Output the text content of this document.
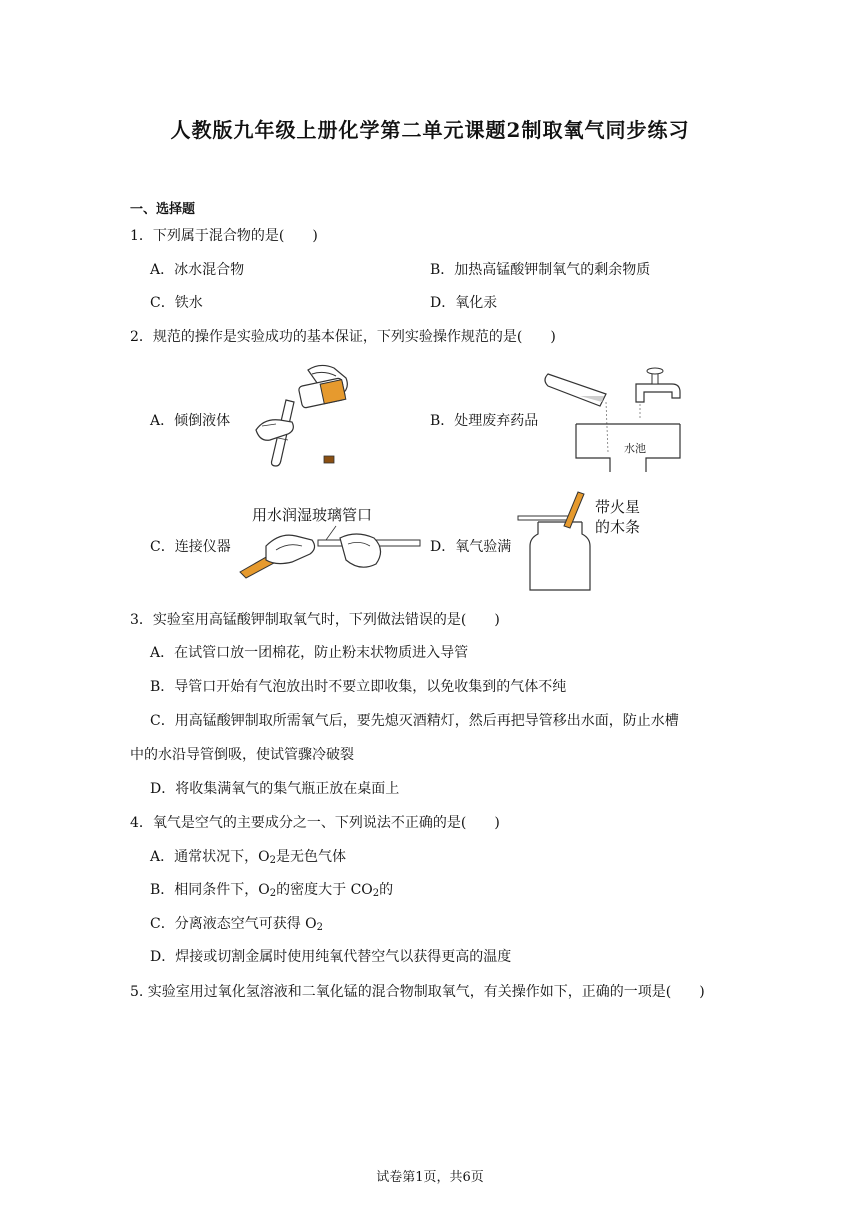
人教版九年级上册化学第二单元课题2制取氧气同步练习
一、选择题
1．下列属于混合物的是(　　)
A．冰水混合物	B．加热高锰酸钾制氧气的剩余物质
C．铁水	D．氧化汞
2．规范的操作是实验成功的基本保证，下列实验操作规范的是(　　)
A．倾倒液体	B．处理废弃药品
C．连接仪器	D．氧气验满
水池
用水润湿玻璃管口	带火星
的木条
3．实验室用高锰酸钾制取氧气时，下列做法错误的是(　　)
A．在试管口放一团棉花，防止粉末状物质进入导管
B．导管口开始有气泡放出时不要立即收集，以免收集到的气体不纯
C．用高锰酸钾制取所需氧气后，要先熄灭酒精灯，然后再把导管移出水面，防止水槽
中的水沿导管倒吸，使试管骤冷破裂
D．将收集满氧气的集气瓶正放在桌面上
4．氧气是空气的主要成分之一、下列说法不正确的是(　　)
A．通常状况下，$O_2$是无色气体
B．相同条件下，$O_2$的密度大于 $CO_2$的
C．分离液态空气可获得 $O_2$
D．焊接或切割金属时使用纯氧代替空气以获得更高的温度
5. 实验室用过氧化氢溶液和二氧化锰的混合物制取氧气，有关操作如下，正确的一项是(　　)
试卷第1页，共6页
